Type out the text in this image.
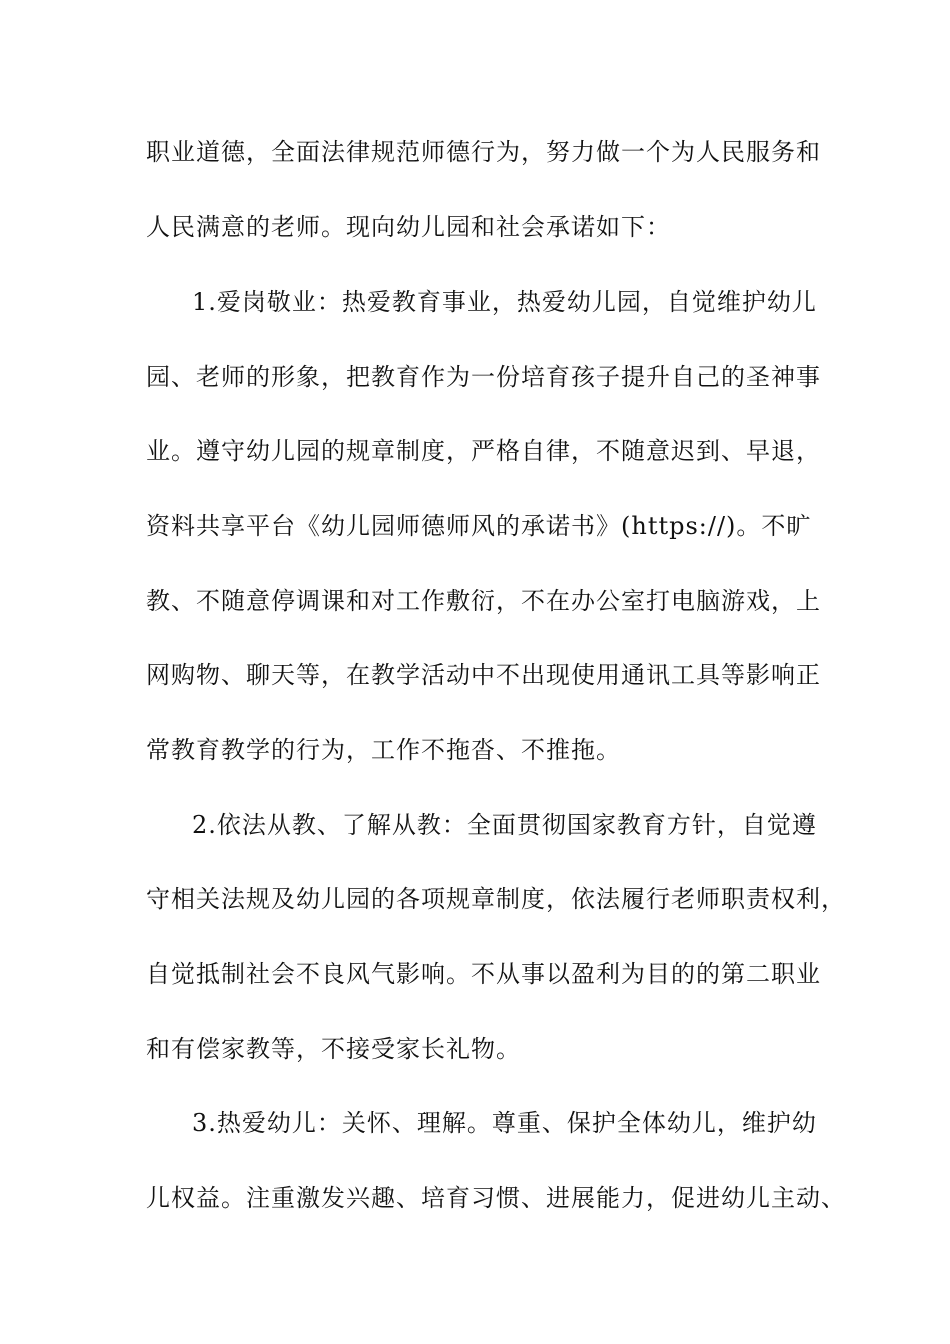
职业道德，全面法律规范师德行为，努力做一个为人民服务和
人民满意的老师。现向幼儿园和社会承诺如下：
1.爱岗敬业：热爱教育事业，热爱幼儿园，自觉维护幼儿
园、老师的形象，把教育作为一份培育孩子提升自己的圣神事
业。遵守幼儿园的规章制度，严格自律，不随意迟到、早退，
资料共享平台《幼儿园师德师风的承诺书》(https://)。不旷
教、不随意停调课和对工作敷衍，不在办公室打电脑游戏，上
网购物、聊天等，在教学活动中不出现使用通讯工具等影响正
常教育教学的行为，工作不拖沓、不推拖。
2.依法从教、了解从教：全面贯彻国家教育方针，自觉遵
守相关法规及幼儿园的各项规章制度，依法履行老师职责权利，
自觉抵制社会不良风气影响。不从事以盈利为目的的第二职业
和有偿家教等，不接受家长礼物。
3.热爱幼儿：关怀、理解。尊重、保护全体幼儿，维护幼
儿权益。注重激发兴趣、培育习惯、进展能力，促进幼儿主动、
